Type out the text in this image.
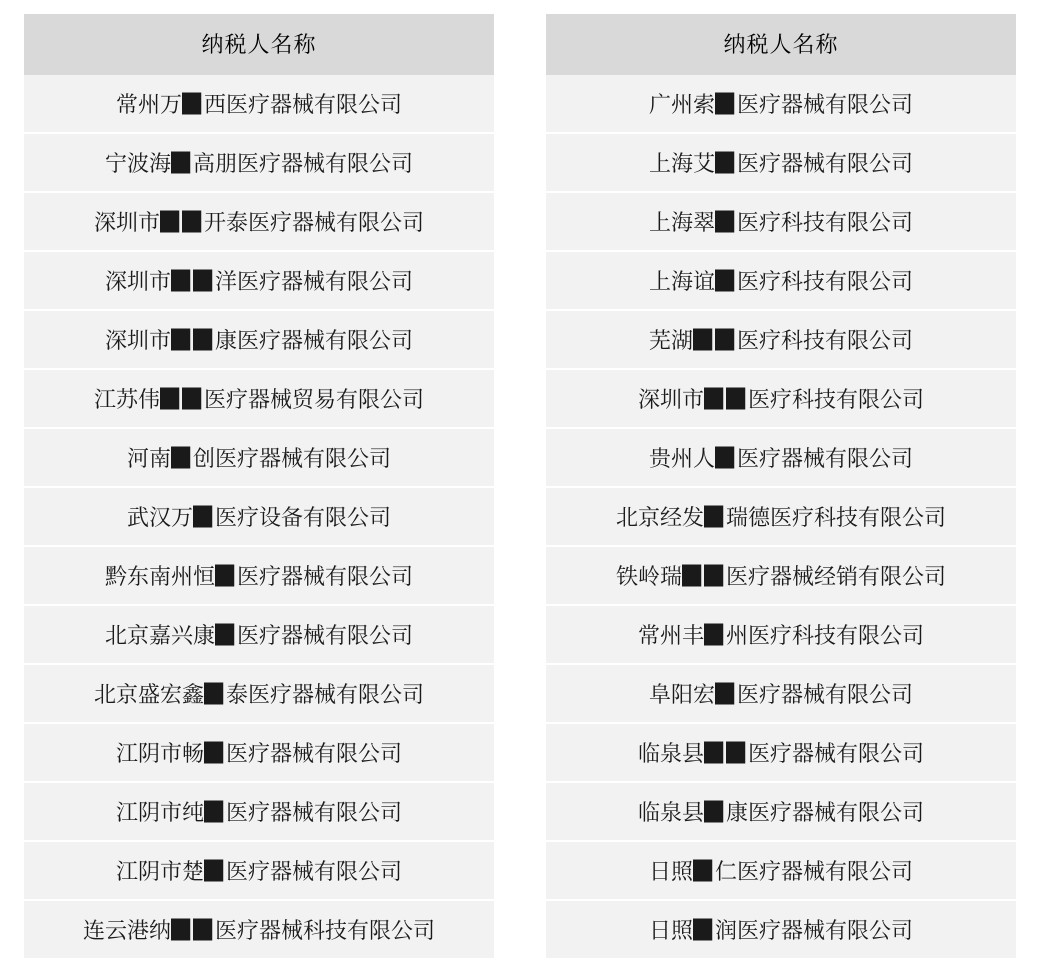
纳税人名称
常州万▉西医疗器械有限公司
宁波海▉高朋医疗器械有限公司
深圳市▉▉开泰医疗器械有限公司
深圳市▉▉洋医疗器械有限公司
深圳市▉▉康医疗器械有限公司
江苏伟▉▉医疗器械贸易有限公司
河南▉创医疗器械有限公司
武汉万▉医疗设备有限公司
黔东南州恒▉医疗器械有限公司
北京嘉兴康▉医疗器械有限公司
北京盛宏鑫▉泰医疗器械有限公司
江阴市畅▉医疗器械有限公司
江阴市纯▉医疗器械有限公司
江阴市楚▉医疗器械有限公司
连云港纳▉▉医疗器械科技有限公司
纳税人名称
广州索▉医疗器械有限公司
上海艾▉医疗器械有限公司
上海翠▉医疗科技有限公司
上海谊▉医疗科技有限公司
芜湖▉▉医疗科技有限公司
深圳市▉▉医疗科技有限公司
贵州人▉医疗器械有限公司
北京经发▉瑞德医疗科技有限公司
铁岭瑞▉▉医疗器械经销有限公司
常州丰▉州医疗科技有限公司
阜阳宏▉医疗器械有限公司
临泉县▉▉医疗器械有限公司
临泉县▉康医疗器械有限公司
日照▉仁医疗器械有限公司
日照▉润医疗器械有限公司
